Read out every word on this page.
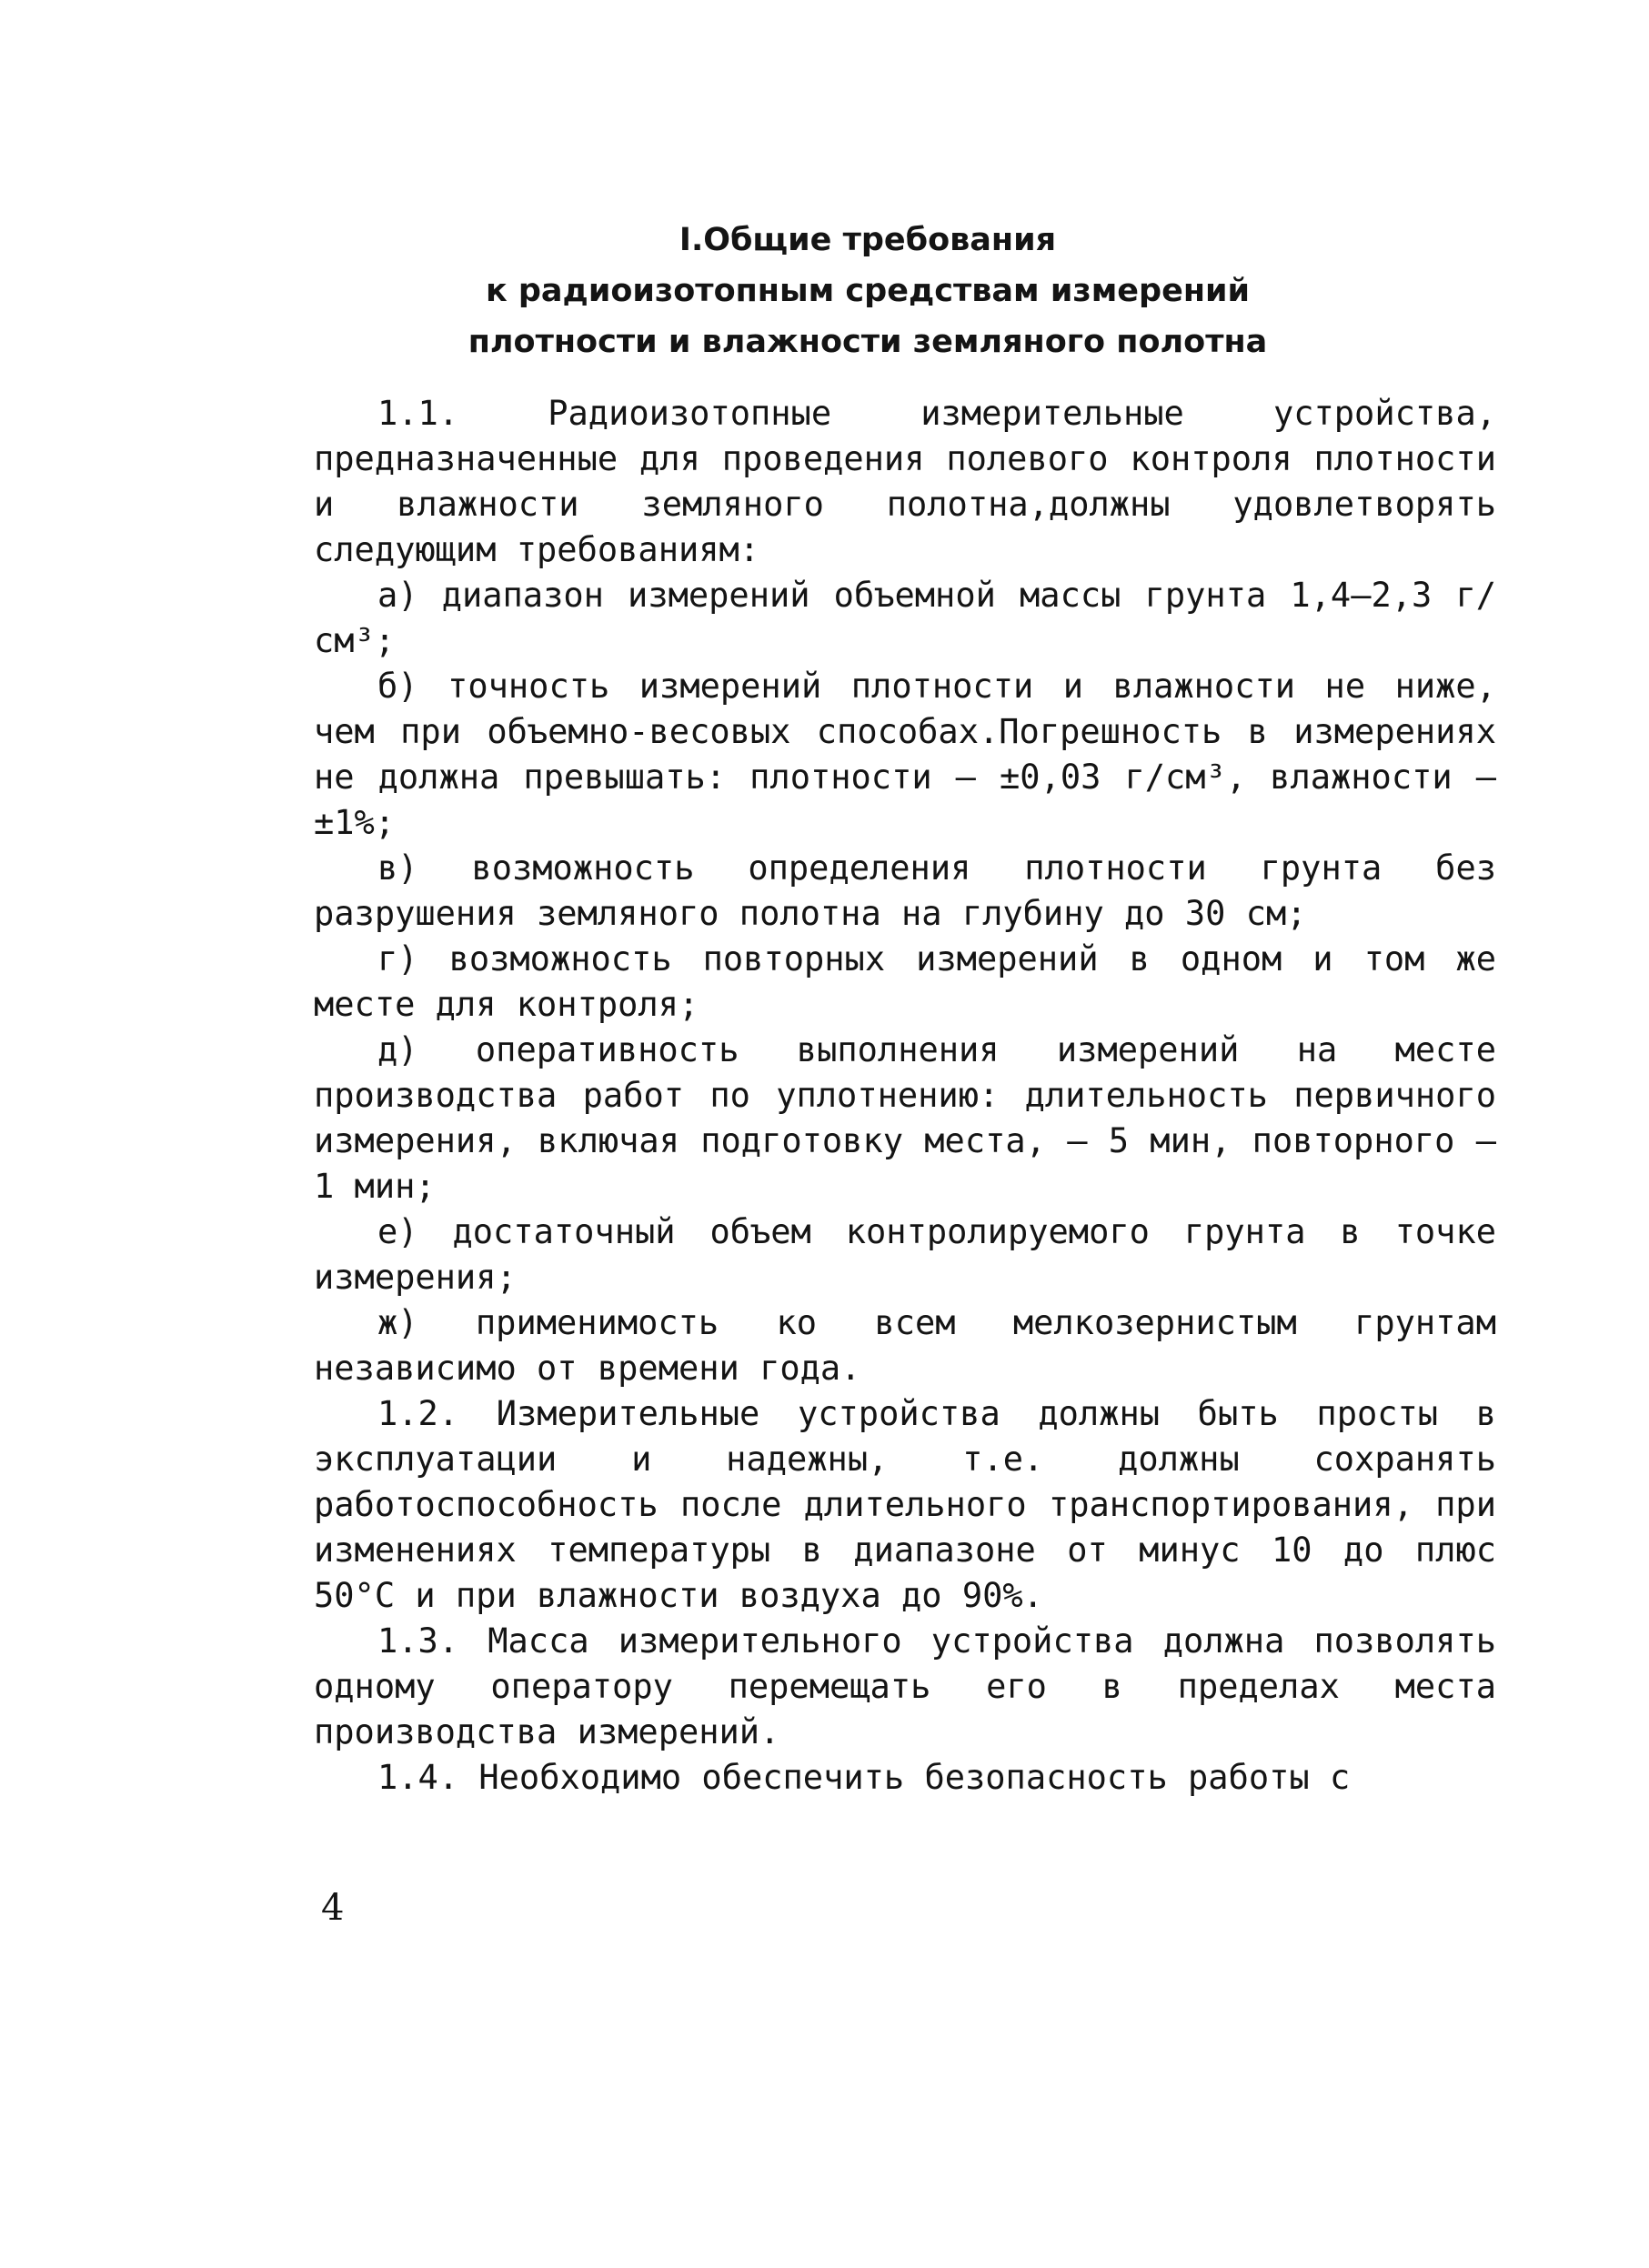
I.Общие требования
к радиоизотопным средствам измерений
плотности и влажности земляного полотна

1.1. Радиоизотопные измерительные устройства, предназначенные для проведения полевого контроля плотности и влажности земляного полотна,должны удовлетворять следующим требованиям:

а) диапазон измерений объемной массы грунта 1,4–2,3 г/см³;

б) точность измерений плотности и влажности не ниже, чем при объемно-весовых способах.Погрешность в измерениях не должна превышать: плотности – ±0,03 г/см³, влажности – ±1%;

в) возможность определения плотности грунта без разрушения земляного полотна на глубину до 30 см;

г) возможность повторных измерений в одном и том же месте для контроля;

д) оперативность выполнения измерений на месте производства работ по уплотнению: длительность первичного измерения, включая подготовку места, – 5 мин, повторного – 1 мин;

е) достаточный объем контролируемого грунта в точке измерения;

ж) применимость ко всем мелкозернистым грунтам независимо от времени года.

1.2. Измерительные устройства должны быть просты в эксплуатации и надежны, т.е. должны сохранять работоспособность после длительного транспортирования, при изменениях температуры в диапазоне от минус 10 до плюс 50°С и при влажности воздуха до 90%.

1.3. Масса измерительного устройства должна позволять одному оператору перемещать его в пределах места производства измерений.

1.4. Необходимо обеспечить безопасность работы с

4
